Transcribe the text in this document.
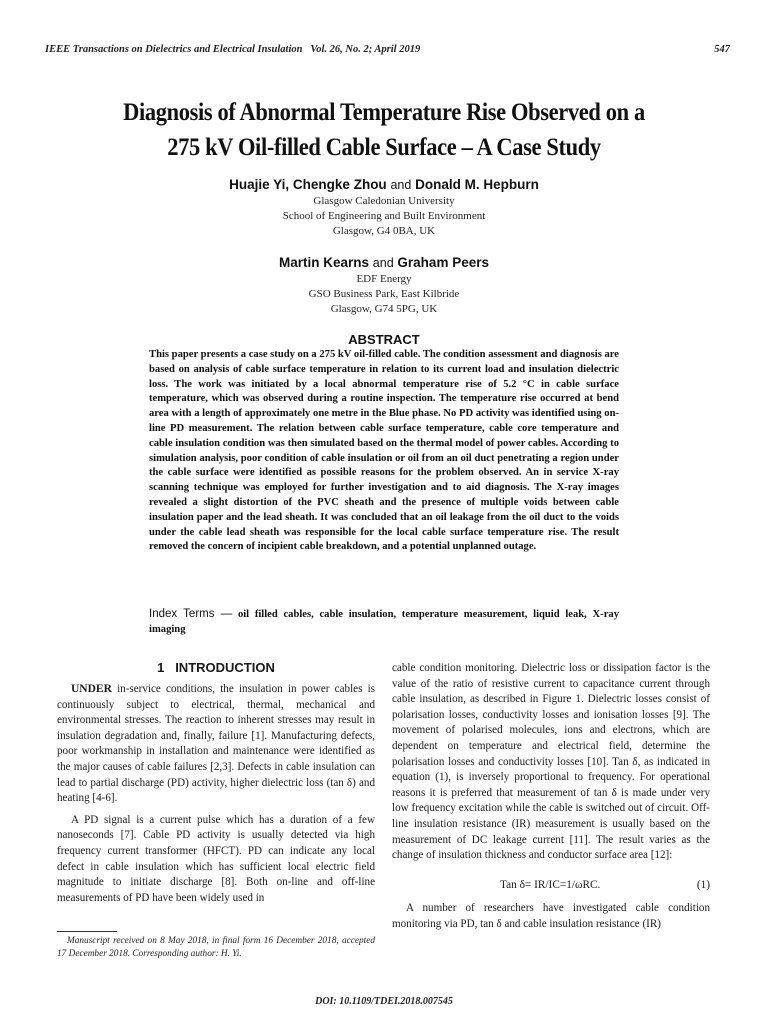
IEEE Transactions on Dielectrics and Electrical Insulation   Vol. 26, No. 2; April 2019	547
Diagnosis of Abnormal Temperature Rise Observed on a
275 kV Oil-filled Cable Surface – A Case Study
Huajie Yi, Chengke Zhou and Donald M. Hepburn
Glasgow Caledonian University
School of Engineering and Built Environment
Glasgow, G4 0BA, UK
Martin Kearns and Graham Peers
EDF Energy
GSO Business Park, East Kilbride
Glasgow, G74 5PG, UK
ABSTRACT
This paper presents a case study on a 275 kV oil-filled cable. The condition assessment and diagnosis are based on analysis of cable surface temperature in relation to its current load and insulation dielectric loss. The work was initiated by a local abnormal temperature rise of 5.2 °C in cable surface temperature, which was observed during a routine inspection. The temperature rise occurred at bend area with a length of approximately one metre in the Blue phase. No PD activity was identified using on-line PD measurement. The relation between cable surface temperature, cable core temperature and cable insulation condition was then simulated based on the thermal model of power cables. According to simulation analysis, poor condition of cable insulation or oil from an oil duct penetrating a region under the cable surface were identified as possible reasons for the problem observed. An in service X-ray scanning technique was employed for further investigation and to aid diagnosis. The X-ray images revealed a slight distortion of the PVC sheath and the presence of multiple voids between cable insulation paper and the lead sheath. It was concluded that an oil leakage from the oil duct to the voids under the cable lead sheath was responsible for the local cable surface temperature rise. The result removed the concern of incipient cable breakdown, and a potential unplanned outage.
Index Terms — oil filled cables, cable insulation, temperature measurement, liquid leak, X-ray imaging
1   INTRODUCTION
UNDER in-service conditions, the insulation in power cables is continuously subject to electrical, thermal, mechanical and environmental stresses. The reaction to inherent stresses may result in insulation degradation and, finally, failure [1]. Manufacturing defects, poor workmanship in installation and maintenance were identified as the major causes of cable failures [2,3]. Defects in cable insulation can lead to partial discharge (PD) activity, higher dielectric loss (tan δ) and heating [4-6].
A PD signal is a current pulse which has a duration of a few nanoseconds [7]. Cable PD activity is usually detected via high frequency current transformer (HFCT). PD can indicate any local defect in cable insulation which has sufficient local electric field magnitude to initiate discharge [8]. Both on-line and off-line measurements of PD have been widely used in
cable condition monitoring. Dielectric loss or dissipation factor is the value of the ratio of resistive current to capacitance current through cable insulation, as described in Figure 1. Dielectric losses consist of polarisation losses, conductivity losses and ionisation losses [9]. The movement of polarised molecules, ions and electrons, which are dependent on temperature and electrical field, determine the polarisation losses and conductivity losses [10]. Tan δ, as indicated in equation (1), is inversely proportional to frequency. For operational reasons it is preferred that measurement of tan δ is made under very low frequency excitation while the cable is switched out of circuit. Off-line insulation resistance (IR) measurement is usually based on the measurement of DC leakage current [11]. The result varies as the change of insulation thickness and conductor surface area [12]:
Tan δ= IR/IC=1/ωRC.	(1)
A number of researchers have investigated cable condition monitoring via PD, tan δ and cable insulation resistance (IR)
Manuscript received on 8 May 2018, in final form 16 December 2018, accepted 17 December 2018. Corresponding author: H. Yi.
DOI: 10.1109/TDEI.2018.007545
